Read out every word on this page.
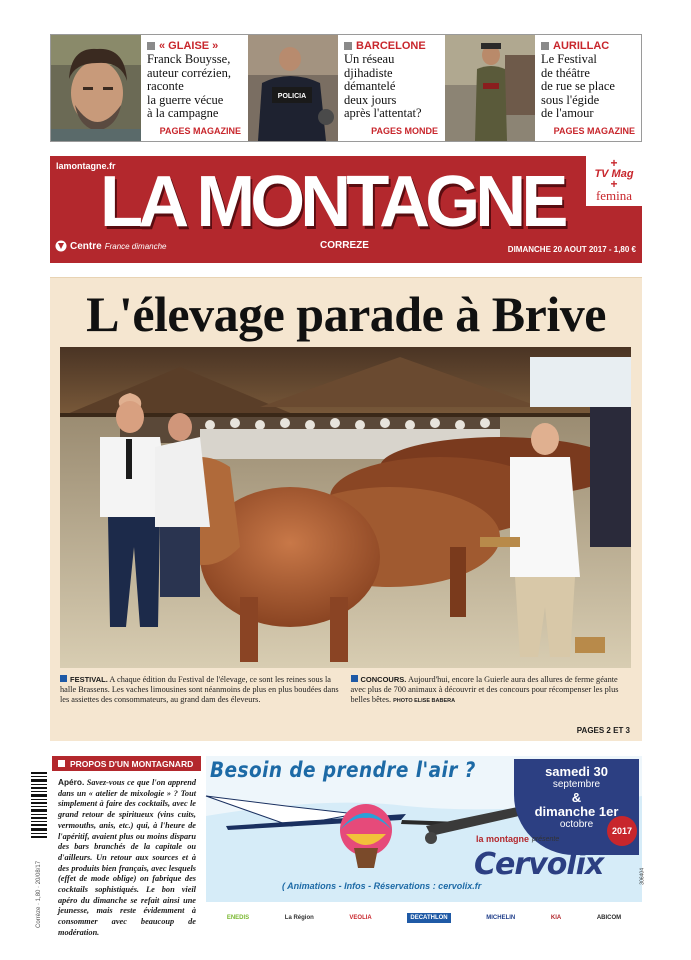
« GLAISE »
Franck Bouysse,
auteur corrézien,
raconte
la guerre vécue
à la campagne
PAGES MAGAZINE
POLICIA
BARCELONE
Un réseau
djihadiste
démantelé
deux jours
après l'attentat?
PAGES MONDE
AURILLAC
Le Festival
de théâtre
de rue se place
sous l'égide
de l'amour
PAGES MAGAZINE
lamontagne.fr
LA MONTAGNE	+
TV Mag
+
femina
Centre France dimanche	CORREZE	DIMANCHE 20 AOUT 2017 - 1,80 €
L'élevage parade à Brive
FESTIVAL. A chaque édition du Festival de l'élevage, ce sont les reines sous la halle Brassens. Les vaches limousines sont néanmoins de plus en plus boudées dans les assiettes des consommateurs, au grand dam des éleveurs.
CONCOURS. Aujourd'hui, encore la Guierle aura des allures de ferme géante avec plus de 700 animaux à découvrir et des concours pour récompenser les plus belles bêtes. PHOTO ELISE BABERA
PAGES 2 ET 3
Corrèze · 1,80 · 20/08/17
PROPOS D'UN MONTAGNARD
Apéro. Savez-vous ce que l'on apprend dans un « atelier de mixologie » ? Tout simplement à faire des cocktails, avec le grand retour de spiritueux (vins cuits, vermouths, anis, etc.) qui, à l'heure de l'apéritif, avaient plus ou moins disparu des bars branchés de la capitale ou d'ailleurs. Un retour aux sources et à des produits bien français, avec lesquels (effet de mode oblige) on fabrique des cocktails sophistiqués. Le bon vieil apéro du dimanche se refait ainsi une jeunesse, mais reste évidemment à consommer avec beaucoup de modération.
Besoin de prendre l'air ?	samedi 30
septembre
&
dimanche 1er
octobre
2017
la montagne présente
Cervolix
( Animations - Infos - Réservations : cervolix.fr
306404
ENEDIS	La Région	VEOLIA	DECATHLON	MICHELIN	KIA	ABICOM
